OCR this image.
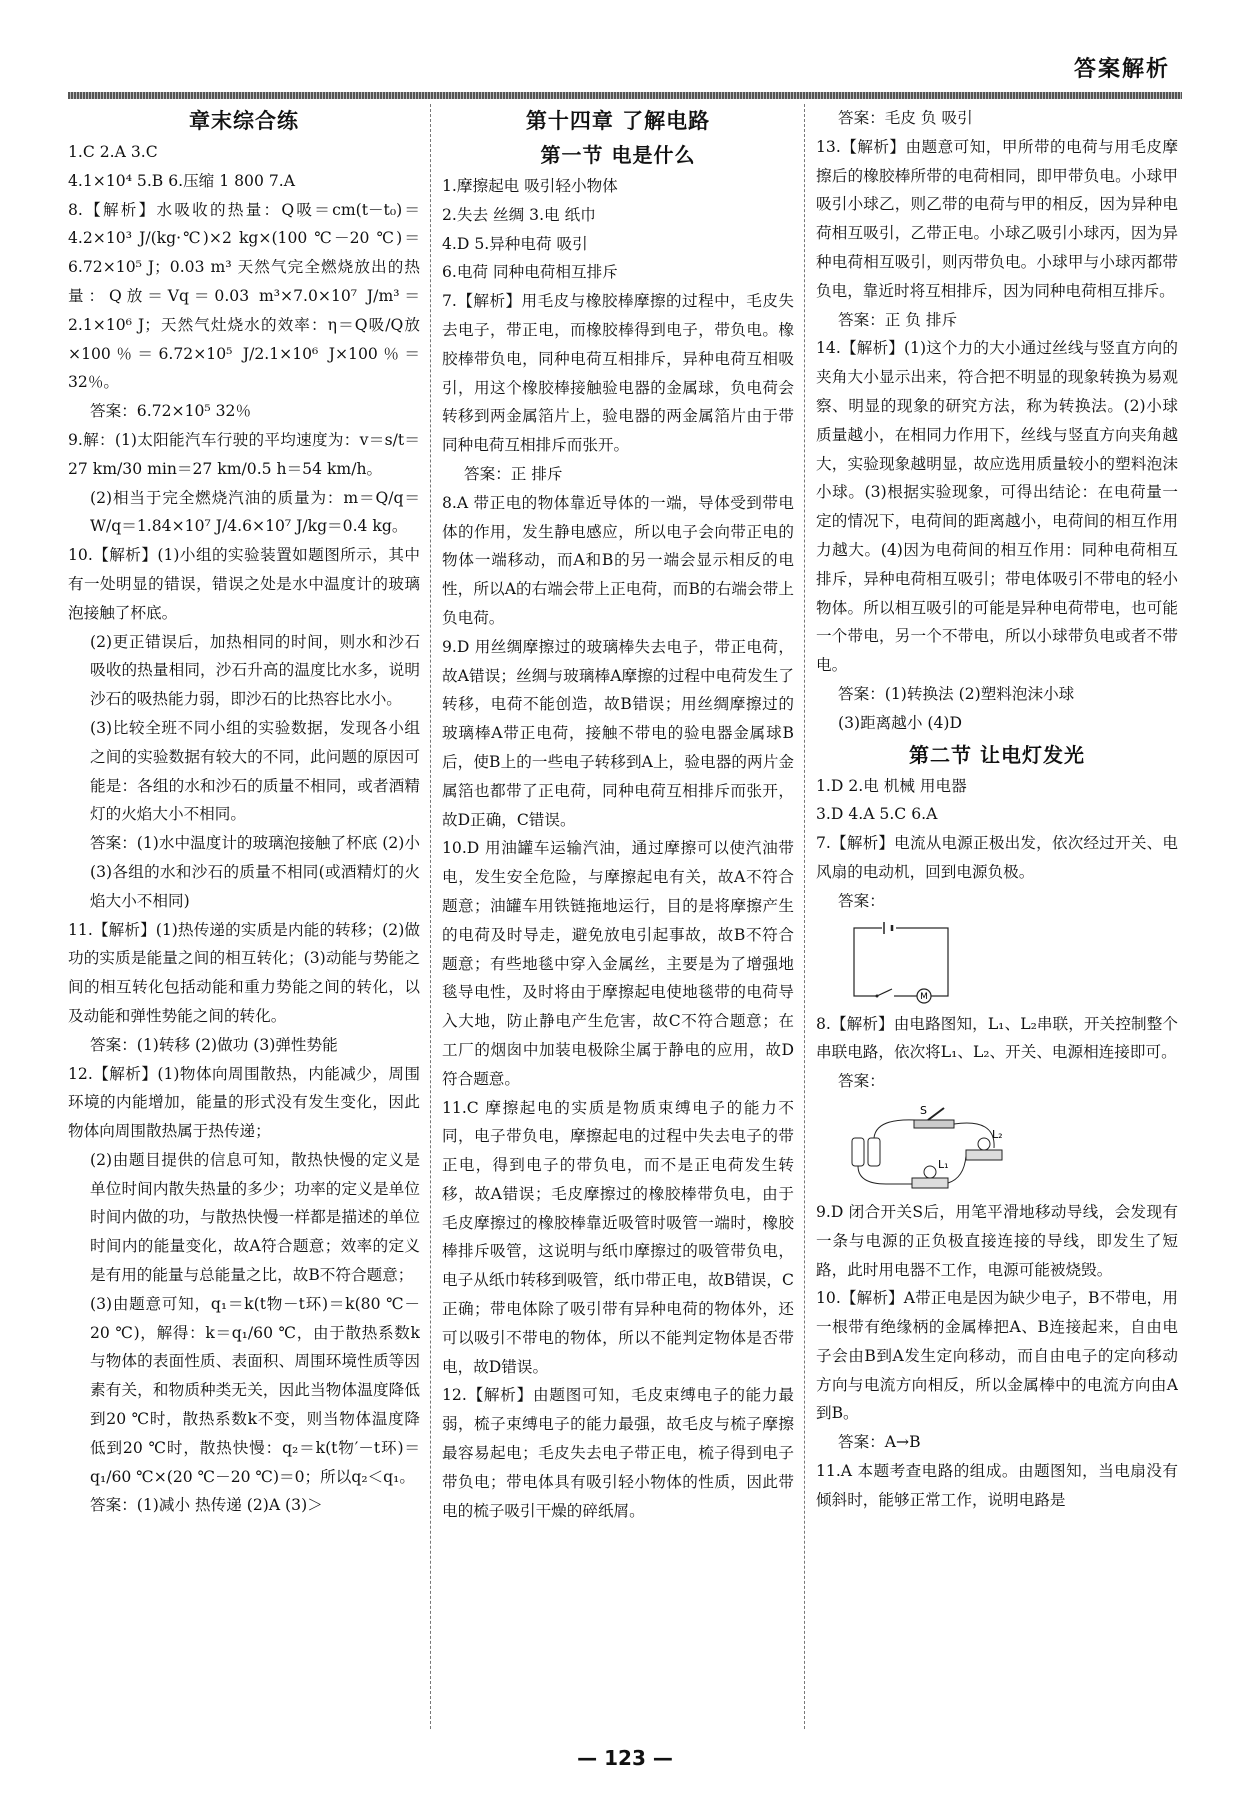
答案解析
章末综合练

1.C 2.A 3.C

4.1×10⁴ 5.B 6.压缩 1 800 7.A

8.【解析】水吸收的热量：Q吸＝cm(t－t₀)＝4.2×10³ J/(kg·℃)×2 kg×(100 ℃－20 ℃)＝6.72×10⁵ J；0.03 m³ 天然气完全燃烧放出的热量：Q放＝Vq＝0.03 m³×7.0×10⁷ J/m³＝2.1×10⁶ J；天然气灶烧水的效率：η＝Q吸/Q放×100％＝6.72×10⁵ J/2.1×10⁶ J×100％＝32％。

答案：6.72×10⁵ 32％

9.解：(1)太阳能汽车行驶的平均速度为：v＝s/t＝27 km/30 min＝27 km/0.5 h＝54 km/h。

(2)相当于完全燃烧汽油的质量为：m＝Q/q＝W/q＝1.84×10⁷ J/4.6×10⁷ J/kg＝0.4 kg。

10.【解析】(1)小组的实验装置如题图所示，其中有一处明显的错误，错误之处是水中温度计的玻璃泡接触了杯底。

(2)更正错误后，加热相同的时间，则水和沙石吸收的热量相同，沙石升高的温度比水多，说明沙石的吸热能力弱，即沙石的比热容比水小。

(3)比较全班不同小组的实验数据，发现各小组之间的实验数据有较大的不同，此问题的原因可能是：各组的水和沙石的质量不相同，或者酒精灯的火焰大小不相同。

答案：(1)水中温度计的玻璃泡接触了杯底 (2)小 (3)各组的水和沙石的质量不相同(或酒精灯的火焰大小不相同)

11.【解析】(1)热传递的实质是内能的转移；(2)做功的实质是能量之间的相互转化；(3)动能与势能之间的相互转化包括动能和重力势能之间的转化，以及动能和弹性势能之间的转化。

答案：(1)转移 (2)做功 (3)弹性势能

12.【解析】(1)物体向周围散热，内能减少，周围环境的内能增加，能量的形式没有发生变化，因此物体向周围散热属于热传递；

(2)由题目提供的信息可知，散热快慢的定义是单位时间内散失热量的多少；功率的定义是单位时间内做的功，与散热快慢一样都是描述的单位时间内的能量变化，故A符合题意；效率的定义是有用的能量与总能量之比，故B不符合题意；

(3)由题意可知，q₁＝k(t物－t环)＝k(80 ℃－20 ℃)，解得：k＝q₁/60 ℃，由于散热系数k与物体的表面性质、表面积、周围环境性质等因素有关，和物质种类无关，因此当物体温度降低到20 ℃时，散热系数k不变，则当物体温度降低到20 ℃时，散热快慢：q₂＝k(t物′－t环)＝q₁/60 ℃×(20 ℃－20 ℃)＝0；所以q₂＜q₁。

答案：(1)减小 热传递 (2)A (3)＞

第十四章 了解电路
第一节 电是什么

1.摩擦起电 吸引轻小物体

2.失去 丝绸 3.电 纸巾

4.D 5.异种电荷 吸引

6.电荷 同种电荷相互排斥

7.【解析】用毛皮与橡胶棒摩擦的过程中，毛皮失去电子，带正电，而橡胶棒得到电子，带负电。橡胶棒带负电，同种电荷互相排斥，异种电荷互相吸引，用这个橡胶棒接触验电器的金属球，负电荷会转移到两金属箔片上，验电器的两金属箔片由于带同种电荷互相排斥而张开。

答案：正 排斥

8.A 带正电的物体靠近导体的一端，导体受到带电体的作用，发生静电感应，所以电子会向带正电的物体一端移动，而A和B的另一端会显示相反的电性，所以A的右端会带上正电荷，而B的右端会带上负电荷。

9.D 用丝绸摩擦过的玻璃棒失去电子，带正电荷，故A错误；丝绸与玻璃棒A摩擦的过程中电荷发生了转移，电荷不能创造，故B错误；用丝绸摩擦过的玻璃棒A带正电荷，接触不带电的验电器金属球B后，使B上的一些电子转移到A上，验电器的两片金属箔也都带了正电荷，同种电荷互相排斥而张开，故D正确，C错误。

10.D 用油罐车运输汽油，通过摩擦可以使汽油带电，发生安全危险，与摩擦起电有关，故A不符合题意；油罐车用铁链拖地运行，目的是将摩擦产生的电荷及时导走，避免放电引起事故，故B不符合题意；有些地毯中穿入金属丝，主要是为了增强地毯导电性，及时将由于摩擦起电使地毯带的电荷导入大地，防止静电产生危害，故C不符合题意；在工厂的烟囱中加装电极除尘属于静电的应用，故D符合题意。

11.C 摩擦起电的实质是物质束缚电子的能力不同，电子带负电，摩擦起电的过程中失去电子的带正电，得到电子的带负电，而不是正电荷发生转移，故A错误；毛皮摩擦过的橡胶棒带负电，由于毛皮摩擦过的橡胶棒靠近吸管时吸管一端时，橡胶棒排斥吸管，这说明与纸巾摩擦过的吸管带负电，电子从纸巾转移到吸管，纸巾带正电，故B错误，C正确；带电体除了吸引带有异种电荷的物体外，还可以吸引不带电的物体，所以不能判定物体是否带电，故D错误。

12.【解析】由题图可知，毛皮束缚电子的能力最弱，梳子束缚电子的能力最强，故毛皮与梳子摩擦最容易起电；毛皮失去电子带正电，梳子得到电子带负电；带电体具有吸引轻小物体的性质，因此带电的梳子吸引干燥的碎纸屑。

答案：毛皮 负 吸引

13.【解析】由题意可知，甲所带的电荷与用毛皮摩擦后的橡胶棒所带的电荷相同，即甲带负电。小球甲吸引小球乙，则乙带的电荷与甲的相反，因为异种电荷相互吸引，乙带正电。小球乙吸引小球丙，因为异种电荷相互吸引，则丙带负电。小球甲与小球丙都带负电，靠近时将互相排斥，因为同种电荷相互排斥。

答案：正 负 排斥

14.【解析】(1)这个力的大小通过丝线与竖直方向的夹角大小显示出来，符合把不明显的现象转换为易观察、明显的现象的研究方法，称为转换法。(2)小球质量越小，在相同力作用下，丝线与竖直方向夹角越大，实验现象越明显，故应选用质量较小的塑料泡沫小球。(3)根据实验现象，可得出结论：在电荷量一定的情况下，电荷间的距离越小，电荷间的相互作用力越大。(4)因为电荷间的相互作用：同种电荷相互排斥，异种电荷相互吸引；带电体吸引不带电的轻小物体。所以相互吸引的可能是异种电荷带电，也可能一个带电，另一个不带电，所以小球带负电或者不带电。

答案：(1)转换法 (2)塑料泡沫小球

(3)距离越小 (4)D

第二节 让电灯发光

1.D 2.电 机械 用电器

3.D 4.A 5.C 6.A

7.【解析】电流从电源正极出发，依次经过开关、电风扇的电动机，回到电源负极。

答案：

M

8.【解析】由电路图知，L₁、L₂串联，开关控制整个串联电路，依次将L₁、L₂、开关、电源相连接即可。

答案：

S
L₂
L₁

9.D 闭合开关S后，用笔平滑地移动导线，会发现有一条与电源的正负极直接连接的导线，即发生了短路，此时用电器不工作，电源可能被烧毁。

10.【解析】A带正电是因为缺少电子，B不带电，用一根带有绝缘柄的金属棒把A、B连接起来，自由电子会由B到A发生定向移动，而自由电子的定向移动方向与电流方向相反，所以金属棒中的电流方向由A到B。

答案：A→B

11.A 本题考查电路的组成。由题图知，当电扇没有倾斜时，能够正常工作，说明电路是

— 123 —
